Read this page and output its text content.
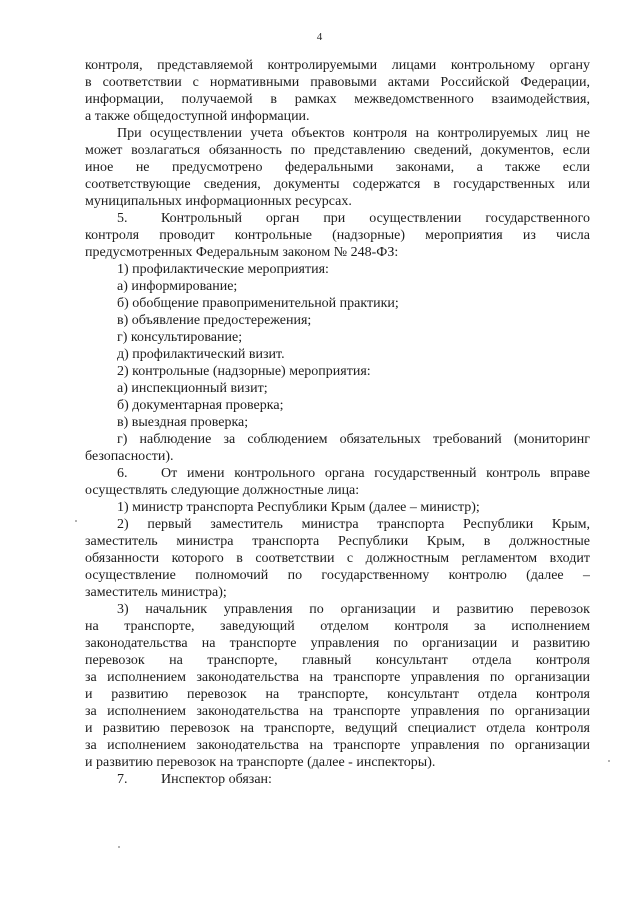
4
контроля, представляемой контролируемыми лицами контрольному органу
в соответствии с нормативными правовыми актами Российской Федерации,
информации, получаемой в рамках межведомственного взаимодействия,
а также общедоступной информации.
При осуществлении учета объектов контроля на контролируемых лиц не
может возлагаться обязанность по представлению сведений, документов, если
иное не предусмотрено федеральными законами, а также если
соответствующие сведения, документы содержатся в государственных или
муниципальных информационных ресурсах.
5.	Контрольный орган при осуществлении государственного
контроля проводит контрольные (надзорные) мероприятия из числа
предусмотренных Федеральным законом № 248-ФЗ:
1) профилактические мероприятия:
а) информирование;
б) обобщение правоприменительной практики;
в) объявление предостережения;
г) консультирование;
д) профилактический визит.
2) контрольные (надзорные) мероприятия:
а) инспекционный визит;
б) документарная проверка;
в) выездная проверка;
г) наблюдение за соблюдением обязательных требований (мониторинг
безопасности).
6.	От имени контрольного органа государственный контроль вправе
осуществлять следующие должностные лица:
1) министр транспорта Республики Крым (далее – министр);
2) первый заместитель министра транспорта Республики Крым,
заместитель министра транспорта Республики Крым, в должностные
обязанности которого в соответствии с должностным регламентом входит
осуществление полномочий по государственному контролю (далее –
заместитель министра);
3) начальник управления по организации и развитию перевозок
на транспорте, заведующий отделом контроля за исполнением
законодательства на транспорте управления по организации и развитию
перевозок на транспорте, главный консультант отдела контроля
за исполнением законодательства на транспорте управления по организации
и развитию перевозок на транспорте, консультант отдела контроля
за исполнением законодательства на транспорте управления по организации
и развитию перевозок на транспорте, ведущий специалист отдела контроля
за исполнением законодательства на транспорте управления по организации
и развитию перевозок на транспорте (далее - инспекторы).
7.	Инспектор обязан:
